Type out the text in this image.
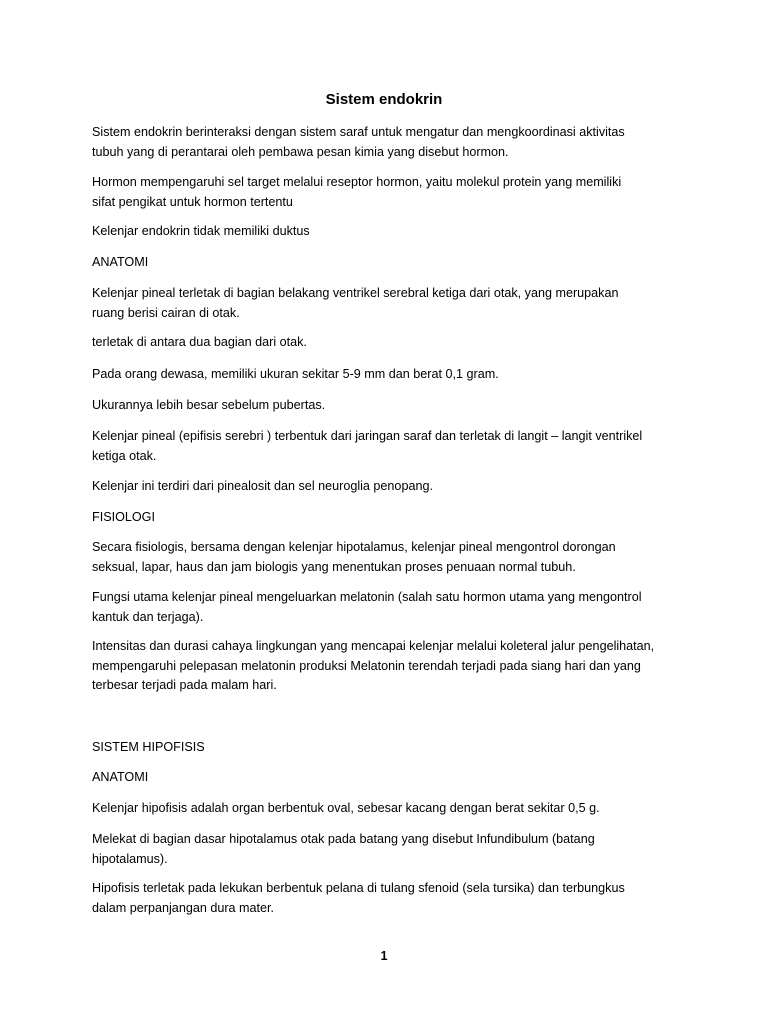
Sistem endokrin
Sistem endokrin berinteraksi dengan sistem saraf untuk mengatur dan mengkoordinasi aktivitas
tubuh yang di perantarai oleh pembawa pesan kimia yang disebut hormon.
Hormon mempengaruhi sel target melalui reseptor hormon, yaitu molekul protein yang memiliki
sifat pengikat untuk hormon tertentu
Kelenjar endokrin tidak memiliki duktus
ANATOMI
Kelenjar pineal terletak di bagian belakang ventrikel serebral ketiga dari otak, yang merupakan
ruang berisi cairan di otak.
terletak di antara dua bagian dari otak.
Pada orang dewasa, memiliki ukuran sekitar 5-9 mm dan berat 0,1 gram.
Ukurannya lebih besar sebelum pubertas.
Kelenjar pineal (epifisis serebri ) terbentuk dari jaringan saraf dan terletak di langit – langit ventrikel
ketiga otak.
Kelenjar ini terdiri dari pinealosit dan sel neuroglia penopang.
FISIOLOGI
Secara fisiologis, bersama dengan kelenjar hipotalamus, kelenjar pineal mengontrol dorongan
seksual, lapar, haus dan jam biologis yang menentukan proses penuaan normal tubuh.
Fungsi utama kelenjar pineal mengeluarkan melatonin (salah satu hormon utama yang mengontrol
kantuk dan terjaga).
Intensitas dan durasi cahaya lingkungan yang mencapai kelenjar melalui koleteral jalur pengelihatan,
mempengaruhi pelepasan melatonin produksi Melatonin terendah terjadi pada siang hari dan yang
terbesar terjadi pada malam hari.
SISTEM HIPOFISIS
ANATOMI
Kelenjar hipofisis adalah organ berbentuk oval, sebesar kacang dengan berat sekitar 0,5 g.
Melekat di bagian dasar hipotalamus otak pada batang yang disebut Infundibulum (batang
hipotalamus).
Hipofisis terletak pada lekukan berbentuk pelana di tulang sfenoid (sela tursika) dan terbungkus
dalam perpanjangan dura mater.
1
